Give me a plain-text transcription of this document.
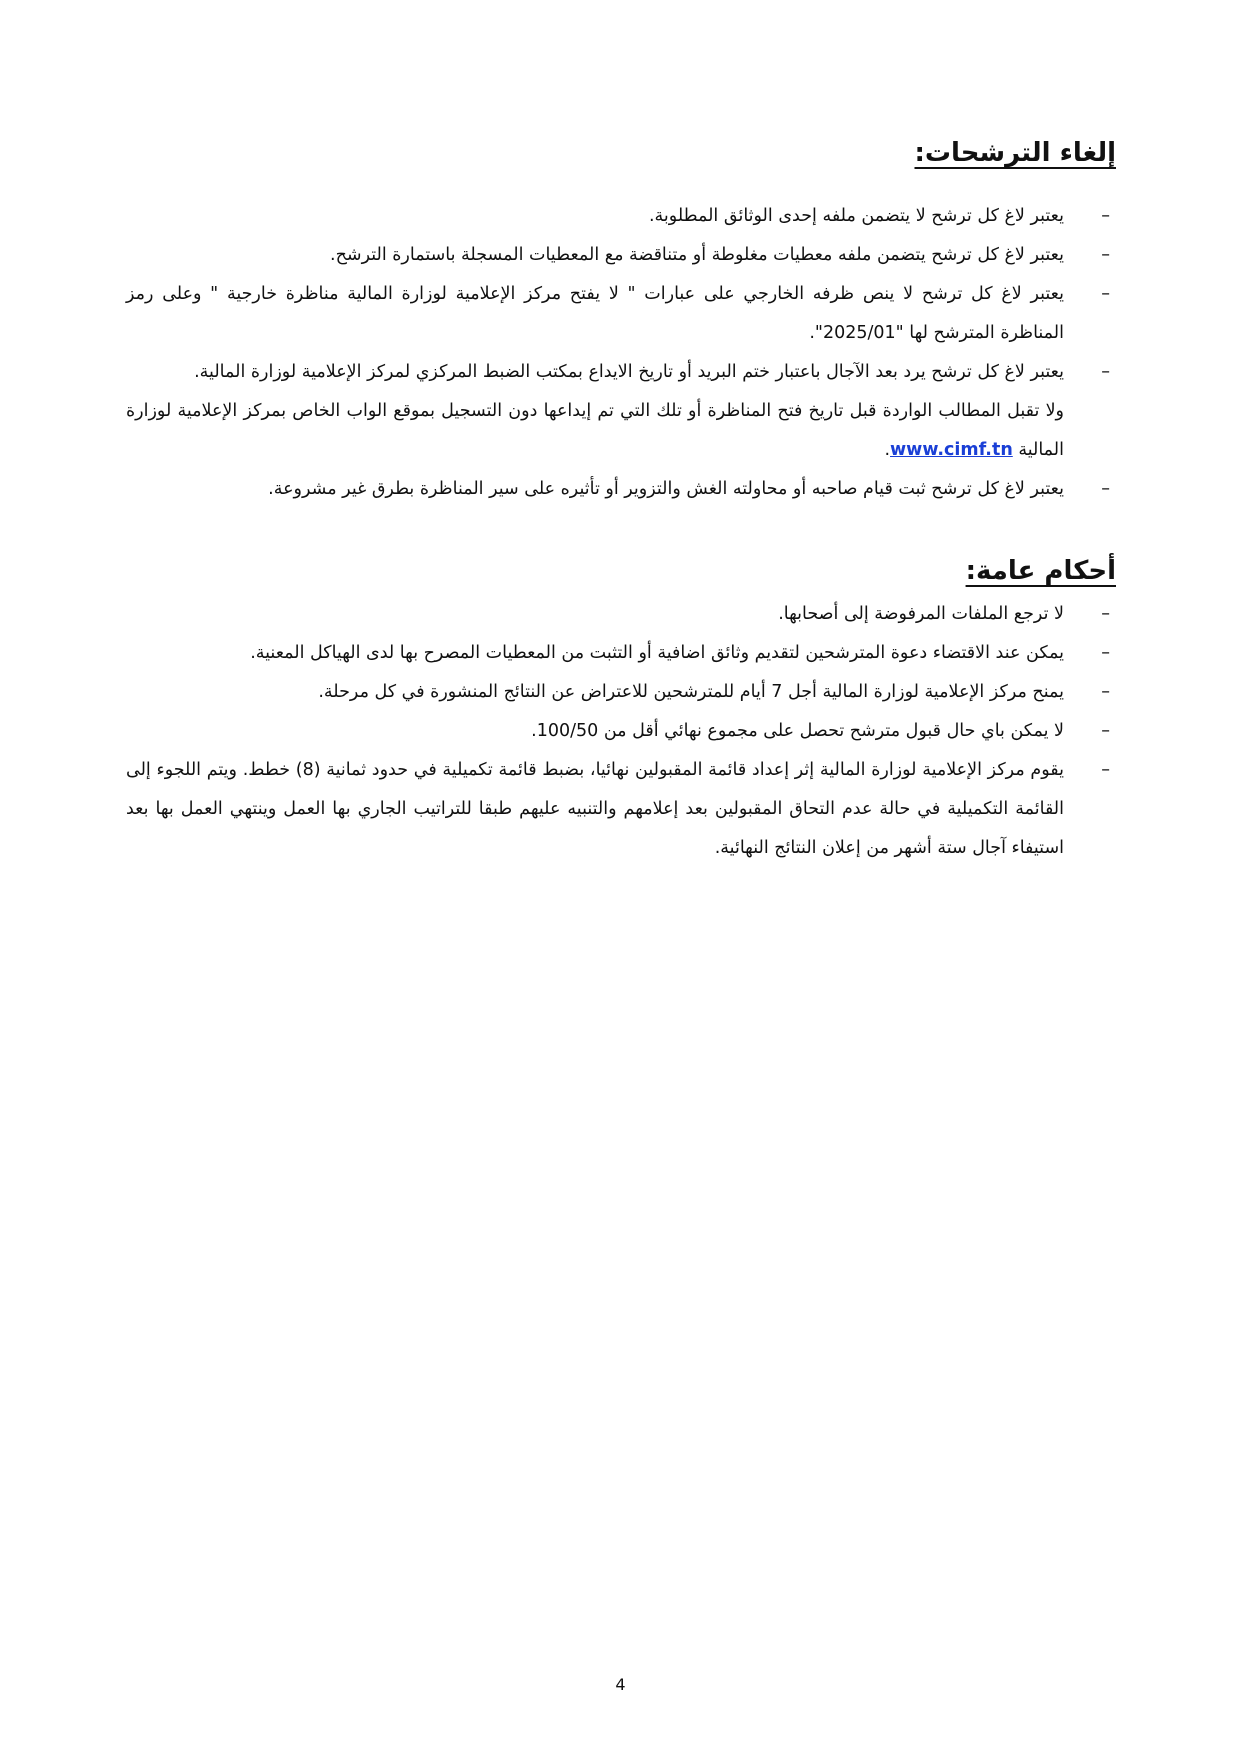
إلغاء الترشحات:
–
يعتبر لاغ كل ترشح لا يتضمن ملفه إحدى الوثائق المطلوبة.
–
يعتبر لاغ كل ترشح يتضمن ملفه معطيات مغلوطة أو متناقضة مع المعطيات المسجلة باستمارة الترشح.
–
يعتبر لاغ كل ترشح لا ينص ظرفه الخارجي على عبارات " لا يفتح مركز الإعلامية لوزارة المالية مناظرة خارجية " وعلى رمز المناظرة المترشح لها "2025/01".
–
يعتبر لاغ كل ترشح يرد بعد الآجال باعتبار ختم البريد أو تاريخ الايداع بمكتب الضبط المركزي لمركز الإعلامية لوزارة المالية.
ولا تقبل المطالب الواردة قبل تاريخ فتح المناظرة أو تلك التي تم إيداعها دون التسجيل بموقع الواب الخاص بمركز الإعلامية لوزارة المالية www.cimf.tn.
–
يعتبر لاغ كل ترشح ثبت قيام صاحبه أو محاولته الغش والتزوير أو تأثيره على سير المناظرة بطرق غير مشروعة.
أحكام عامة:
–
لا ترجع الملفات المرفوضة إلى أصحابها.
–
يمكن عند الاقتضاء دعوة المترشحين لتقديم وثائق اضافية أو التثبت من المعطيات المصرح بها لدى الهياكل المعنية.
–
يمنح مركز الإعلامية لوزارة المالية أجل 7 أيام للمترشحين للاعتراض عن النتائج المنشورة في كل مرحلة.
–
لا يمكن باي حال قبول مترشح تحصل على مجموع نهائي أقل من 100/50.
–
يقوم مركز الإعلامية لوزارة المالية إثر إعداد قائمة المقبولين نهائيا، بضبط قائمة تكميلية في حدود ثمانية (8) خطط. ويتم اللجوء إلى القائمة التكميلية في حالة عدم التحاق المقبولين بعد إعلامهم والتنبيه عليهم طبقا للتراتيب الجاري بها العمل وينتهي العمل بها بعد استيفاء آجال ستة أشهر من إعلان النتائج النهائية.
4
